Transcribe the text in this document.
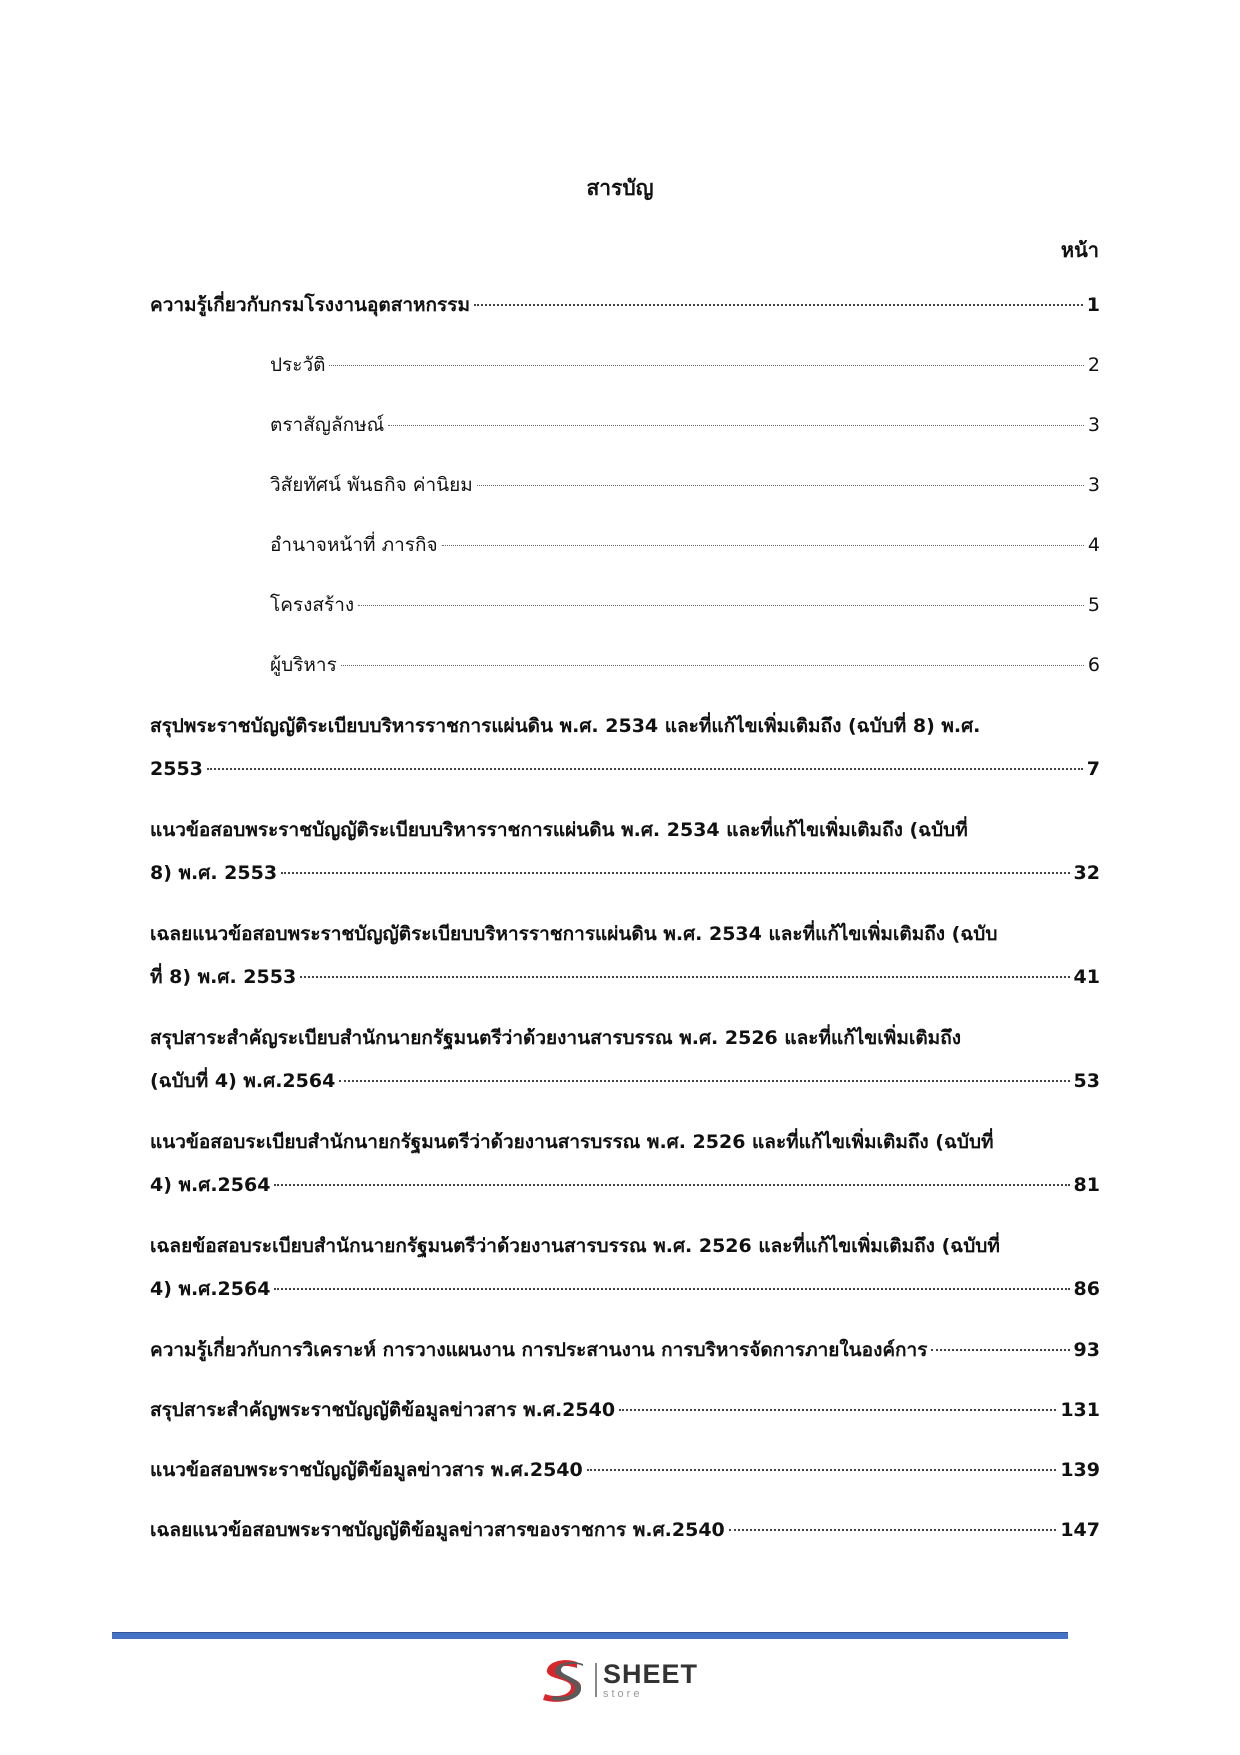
สารบัญ
หน้า
ความรู้เกี่ยวกับกรมโรงงานอุตสาหกรรม	1
ประวัติ	2
ตราสัญลักษณ์	3
วิสัยทัศน์ พันธกิจ ค่านิยม	3
อำนาจหน้าที่ ภารกิจ	4
โครงสร้าง	5
ผู้บริหาร	6
สรุปพระราชบัญญัติระเบียบบริหารราชการแผ่นดิน พ.ศ. 2534 และที่แก้ไขเพิ่มเติมถึง (ฉบับที่ 8) พ.ศ.
2553	7
แนวข้อสอบพระราชบัญญัติระเบียบบริหารราชการแผ่นดิน พ.ศ. 2534 และที่แก้ไขเพิ่มเติมถึง (ฉบับที่
8) พ.ศ. 2553	32
เฉลยแนวข้อสอบพระราชบัญญัติระเบียบบริหารราชการแผ่นดิน พ.ศ. 2534 และที่แก้ไขเพิ่มเติมถึง (ฉบับ
ที่ 8) พ.ศ. 2553	41
สรุปสาระสำคัญระเบียบสำนักนายกรัฐมนตรีว่าด้วยงานสารบรรณ พ.ศ. 2526 และที่แก้ไขเพิ่มเติมถึง
(ฉบับที่ 4) พ.ศ.2564	53
แนวข้อสอบระเบียบสำนักนายกรัฐมนตรีว่าด้วยงานสารบรรณ พ.ศ. 2526 และที่แก้ไขเพิ่มเติมถึง (ฉบับที่
4) พ.ศ.2564	81
เฉลยข้อสอบระเบียบสำนักนายกรัฐมนตรีว่าด้วยงานสารบรรณ พ.ศ. 2526 และที่แก้ไขเพิ่มเติมถึง (ฉบับที่
4) พ.ศ.2564	86
ความรู้เกี่ยวกับการวิเคราะห์ การวางแผนงาน การประสานงาน การบริหารจัดการภายในองค์การ	93
สรุปสาระสำคัญพระราชบัญญัติข้อมูลข่าวสาร พ.ศ.2540	131
แนวข้อสอบพระราชบัญญัติข้อมูลข่าวสาร พ.ศ.2540	139
เฉลยแนวข้อสอบพระราชบัญญัติข้อมูลข่าวสารของราชการ พ.ศ.2540	147
SHEET
store
